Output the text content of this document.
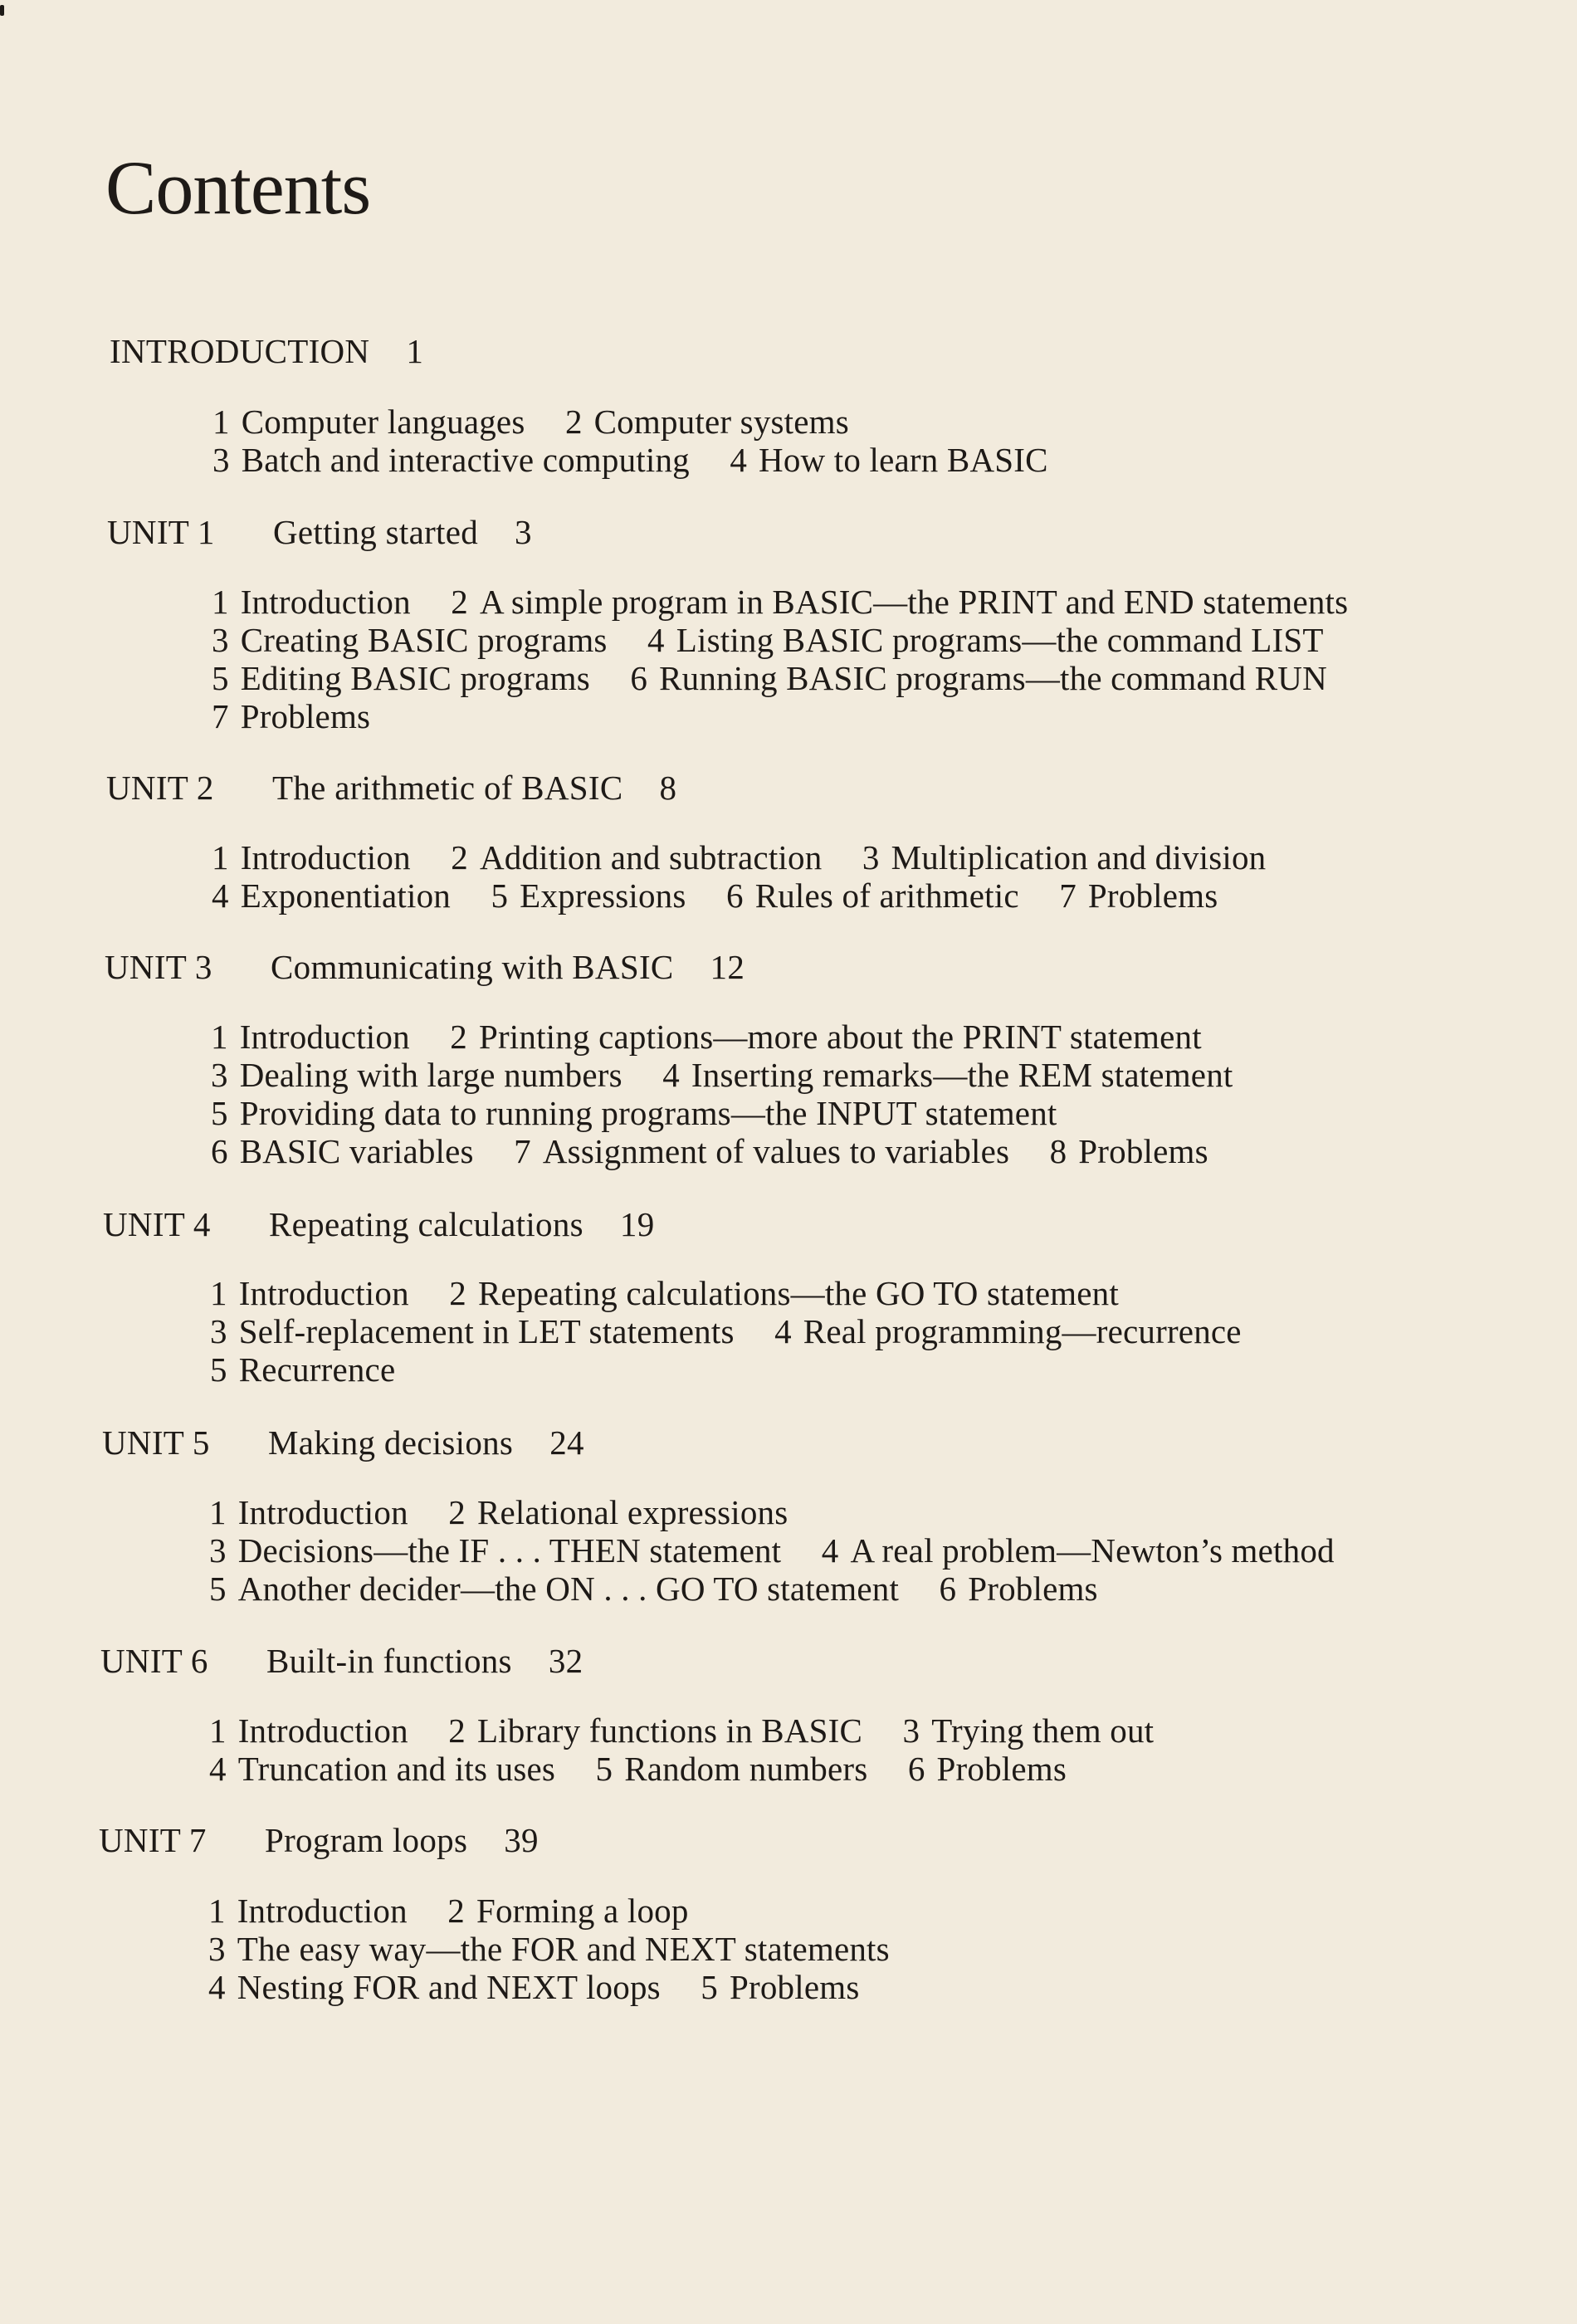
Contents
INTRODUCTION 1
1 Computer languages 2 Computer systems 3 Batch and interactive computing 4 How to learn BASIC
UNIT 1 Getting started 3
1 Introduction 2 A simple program in BASIC—the PRINT and END statements 3 Creating BASIC programs 4 Listing BASIC programs—the command LIST 5 Editing BASIC programs 6 Running BASIC programs—the command RUN 7 Problems
UNIT 2 The arithmetic of BASIC 8
1 Introduction 2 Addition and subtraction 3 Multiplication and division 4 Exponentiation 5 Expressions 6 Rules of arithmetic 7 Problems
UNIT 3 Communicating with BASIC 12
1 Introduction 2 Printing captions—more about the PRINT statement 3 Dealing with large numbers 4 Inserting remarks—the REM statement 5 Providing data to running programs—the INPUT statement 6 BASIC variables 7 Assignment of values to variables 8 Problems
UNIT 4 Repeating calculations 19
1 Introduction 2 Repeating calculations—the GO TO statement 3 Self-replacement in LET statements 4 Real programming—recurrence 5 Recurrence
UNIT 5 Making decisions 24
1 Introduction 2 Relational expressions 3 Decisions—the IF . . . THEN statement 4 A real problem—Newton’s method 5 Another decider—the ON . . . GO TO statement 6 Problems
UNIT 6 Built-in functions 32
1 Introduction 2 Library functions in BASIC 3 Trying them out 4 Truncation and its uses 5 Random numbers 6 Problems
UNIT 7 Program loops 39
1 Introduction 2 Forming a loop 3 The easy way—the FOR and NEXT statements 4 Nesting FOR and NEXT loops 5 Problems
